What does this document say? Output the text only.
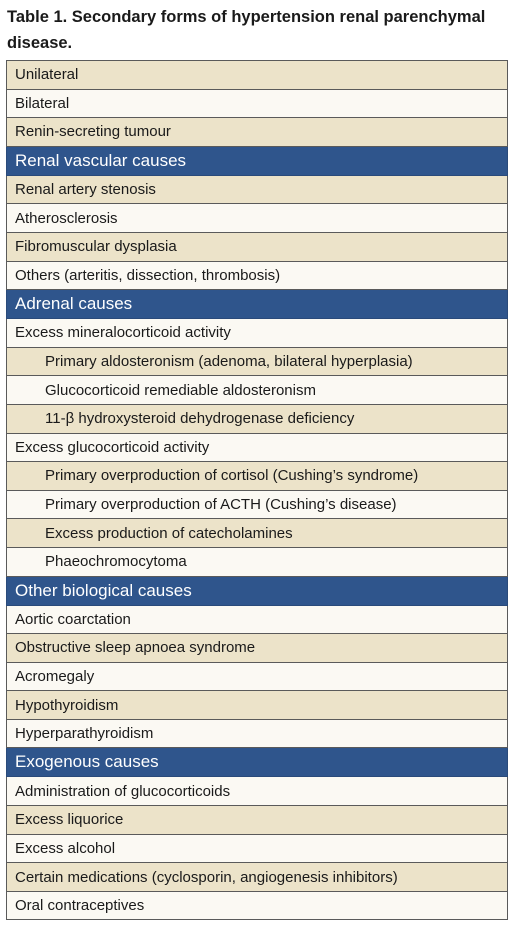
Table 1. Secondary forms of hypertension renal parenchymal disease.
Unilateral
Bilateral
Renin-secreting tumour
Renal vascular causes
Renal artery stenosis
Atherosclerosis
Fibromuscular dysplasia
Others (arteritis, dissection, thrombosis)
Adrenal causes
Excess mineralocorticoid activity
Primary aldosteronism (adenoma, bilateral hyperplasia)
Glucocorticoid remediable aldosteronism
11-β hydroxysteroid dehydrogenase deficiency
Excess glucocorticoid activity
Primary overproduction of cortisol (Cushing’s syndrome)
Primary overproduction of ACTH (Cushing’s disease)
Excess production of catecholamines
Phaeochromocytoma
Other biological causes
Aortic coarctation
Obstructive sleep apnoea syndrome
Acromegaly
Hypothyroidism
Hyperparathyroidism
Exogenous causes
Administration of glucocorticoids
Excess liquorice
Excess alcohol
Certain medications (cyclosporin, angiogenesis inhibitors)
Oral contraceptives
